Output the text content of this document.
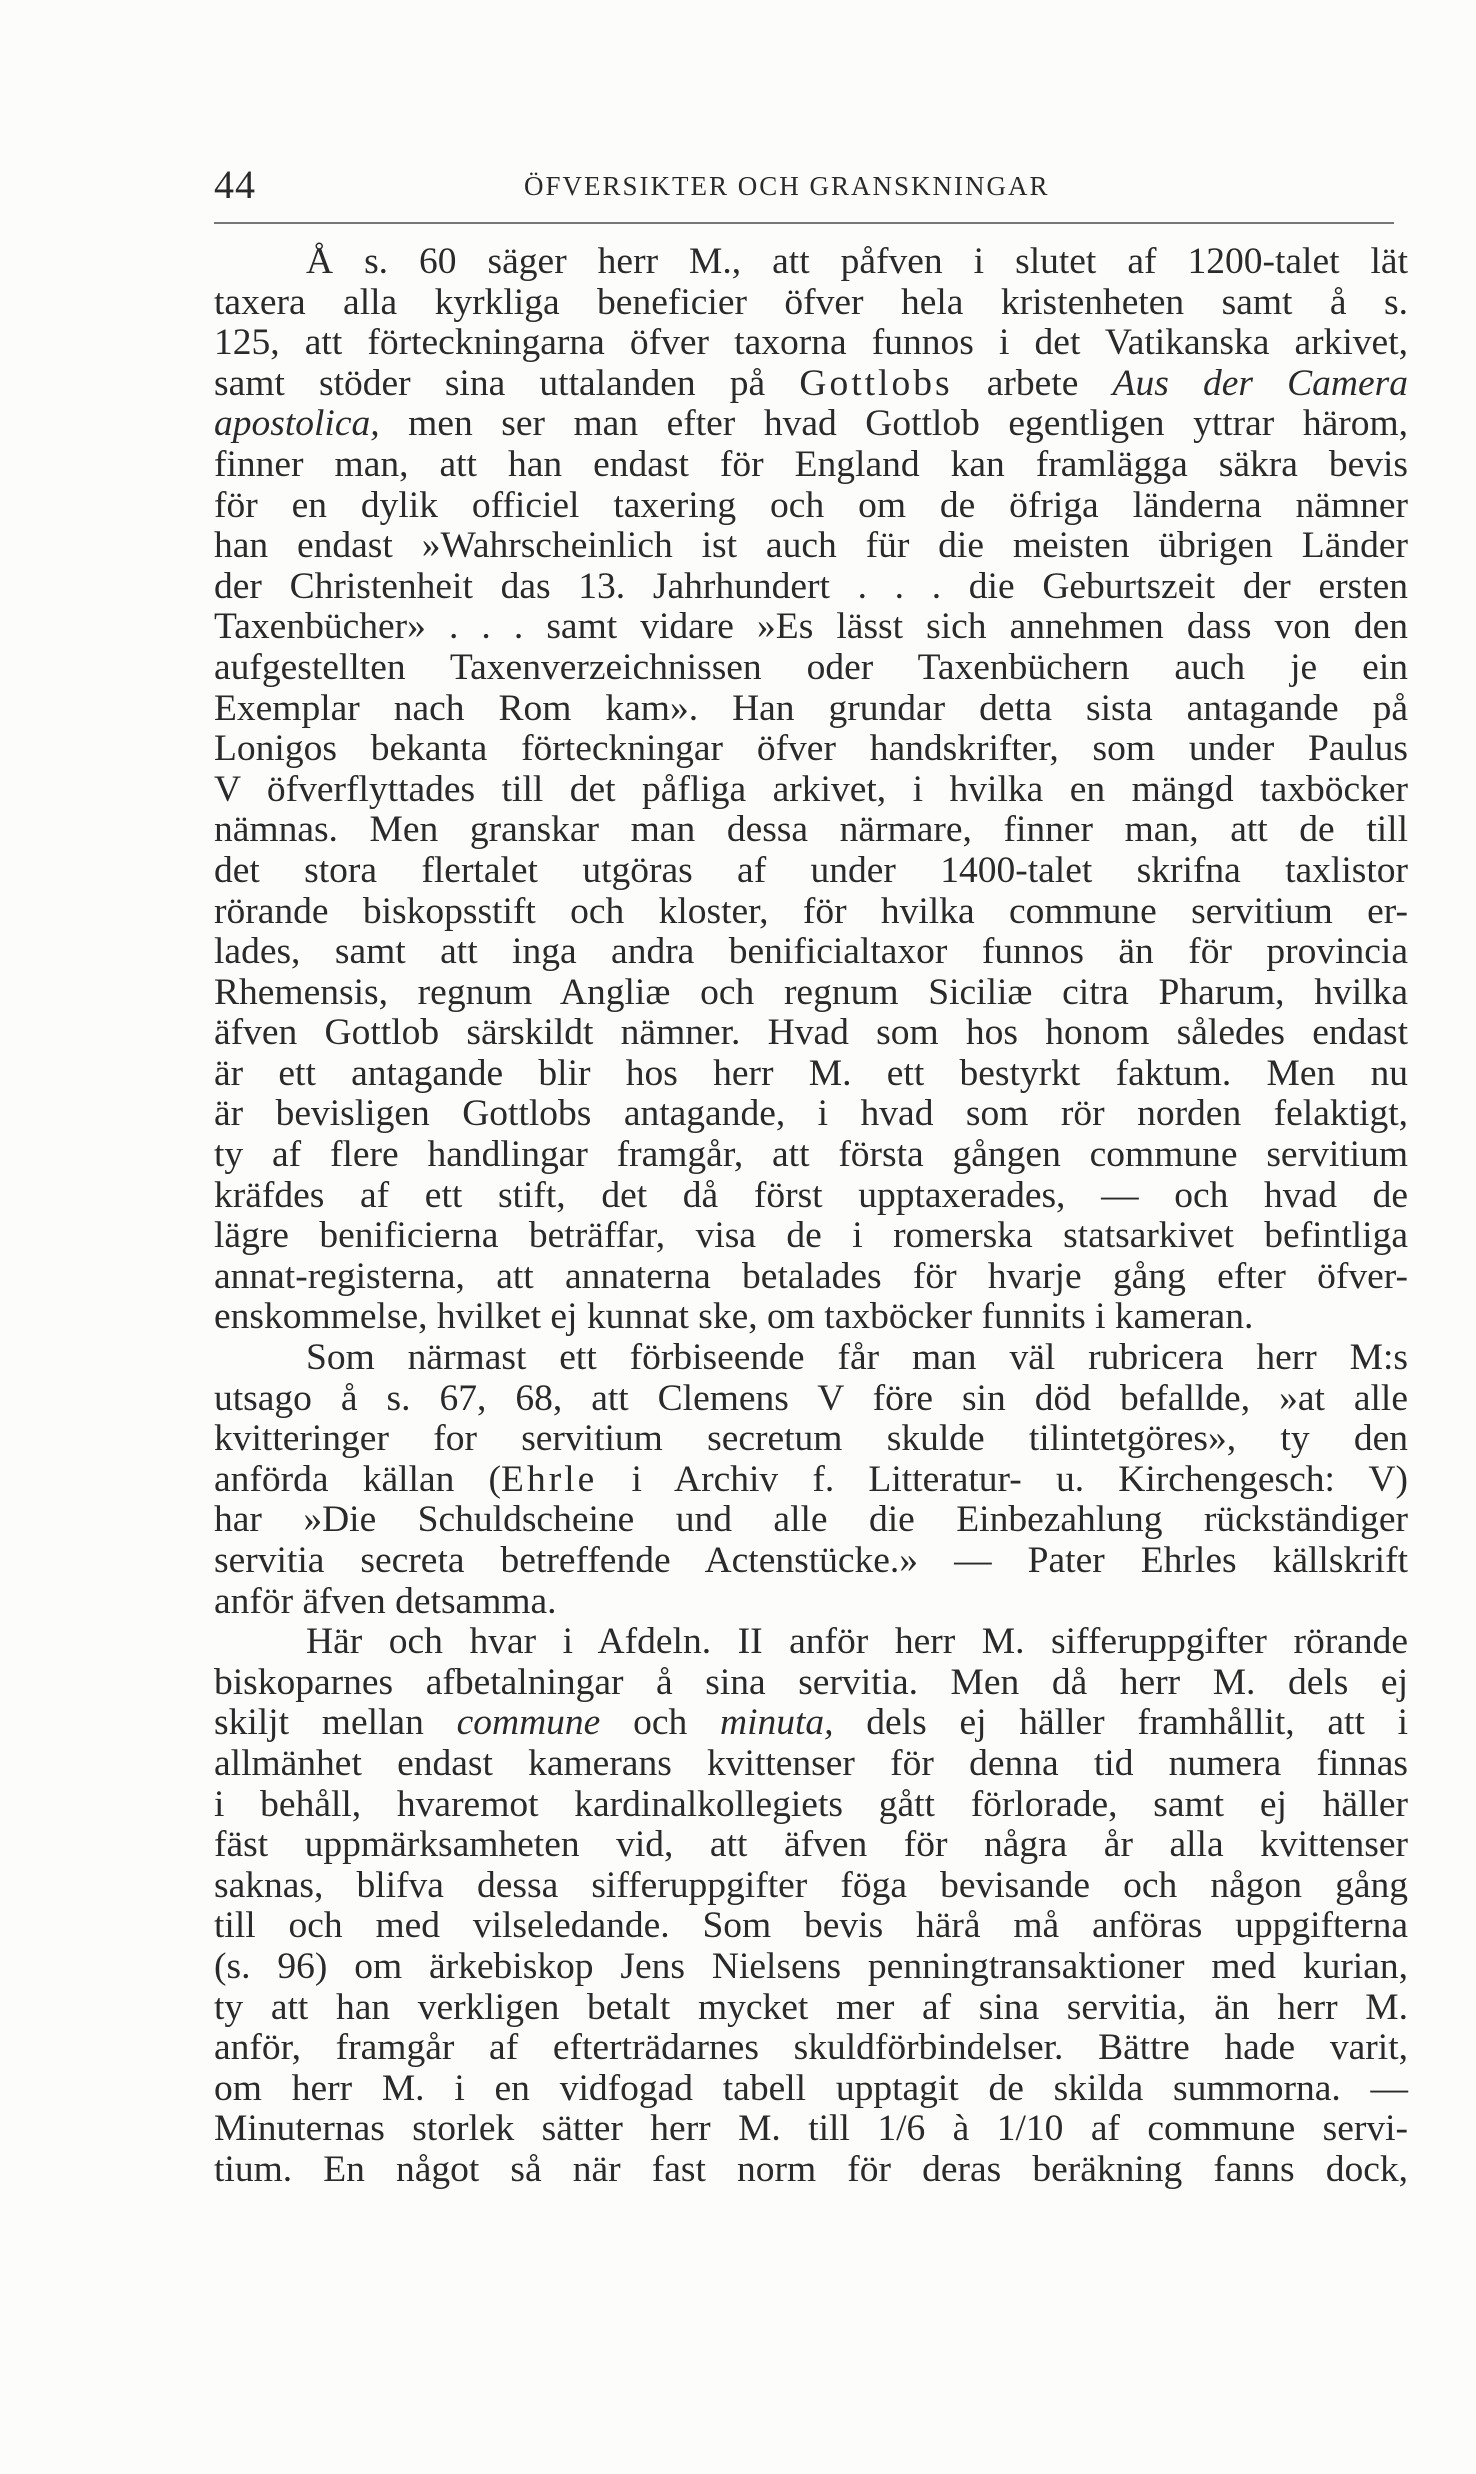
44	ÖFVERSIKTER OCH GRANSKNINGAR
Å s. 60 säger herr M., att påfven i slutet af 1200-talet lät
taxera alla kyrkliga beneficier öfver hela kristenheten samt å s.
125, att förteckningarna öfver taxorna funnos i det Vatikanska arkivet,
samt stöder sina uttalanden på Gottlobs arbete Aus der Camera
apostolica, men ser man efter hvad Gottlob egentligen yttrar härom,
finner man, att han endast för England kan framlägga säkra bevis
för en dylik officiel taxering och om de öfriga länderna nämner
han endast »Wahrscheinlich ist auch für die meisten übrigen Länder
der Christenheit das 13. Jahrhundert . . . die Geburtszeit der ersten
Taxenbücher» . . . samt vidare »Es lässt sich annehmen dass von den
aufgestellten Taxenverzeichnissen oder Taxenbüchern auch je ein
Exemplar nach Rom kam». Han grundar detta sista antagande på
Lonigos bekanta förteckningar öfver handskrifter, som under Paulus
V öfverflyttades till det påfliga arkivet, i hvilka en mängd taxböcker
nämnas. Men granskar man dessa närmare, finner man, att de till
det stora flertalet utgöras af under 1400-talet skrifna taxlistor
rörande biskopsstift och kloster, för hvilka commune servitium er-
lades, samt att inga andra benificialtaxor funnos än för provincia
Rhemensis, regnum Angliæ och regnum Siciliæ citra Pharum, hvilka
äfven Gottlob särskildt nämner. Hvad som hos honom således endast
är ett antagande blir hos herr M. ett bestyrkt faktum. Men nu
är bevisligen Gottlobs antagande, i hvad som rör norden felaktigt,
ty af flere handlingar framgår, att första gången commune servitium
kräfdes af ett stift, det då först upptaxerades, — och hvad de
lägre benificierna beträffar, visa de i romerska statsarkivet befintliga
annat-registerna, att annaterna betalades för hvarje gång efter öfver-
enskommelse, hvilket ej kunnat ske, om taxböcker funnits i kameran.
Som närmast ett förbiseende får man väl rubricera herr M:s
utsago å s. 67, 68, att Clemens V före sin död befallde, »at alle
kvitteringer for servitium secretum skulde tilintetgöres», ty den
anförda källan (Ehrle i Archiv f. Litteratur- u. Kirchengesch: V)
har »Die Schuldscheine und alle die Einbezahlung rückständiger
servitia secreta betreffende Actenstücke.» — Pater Ehrles källskrift
anför äfven detsamma.
Här och hvar i Afdeln. II anför herr M. sifferuppgifter rörande
biskoparnes afbetalningar å sina servitia. Men då herr M. dels ej
skiljt mellan commune och minuta, dels ej häller framhållit, att i
allmänhet endast kamerans kvittenser för denna tid numera finnas
i behåll, hvaremot kardinalkollegiets gått förlorade, samt ej häller
fäst uppmärksamheten vid, att äfven för några år alla kvittenser
saknas, blifva dessa sifferuppgifter föga bevisande och någon gång
till och med vilseledande. Som bevis härå må anföras uppgifterna
(s. 96) om ärkebiskop Jens Nielsens penningtransaktioner med kurian,
ty att han verkligen betalt mycket mer af sina servitia, än herr M.
anför, framgår af efterträdarnes skuldförbindelser. Bättre hade varit,
om herr M. i en vidfogad tabell upptagit de skilda summorna. —
Minuternas storlek sätter herr M. till 1/6 à 1/10 af commune servi-
tium. En något så när fast norm för deras beräkning fanns dock,
